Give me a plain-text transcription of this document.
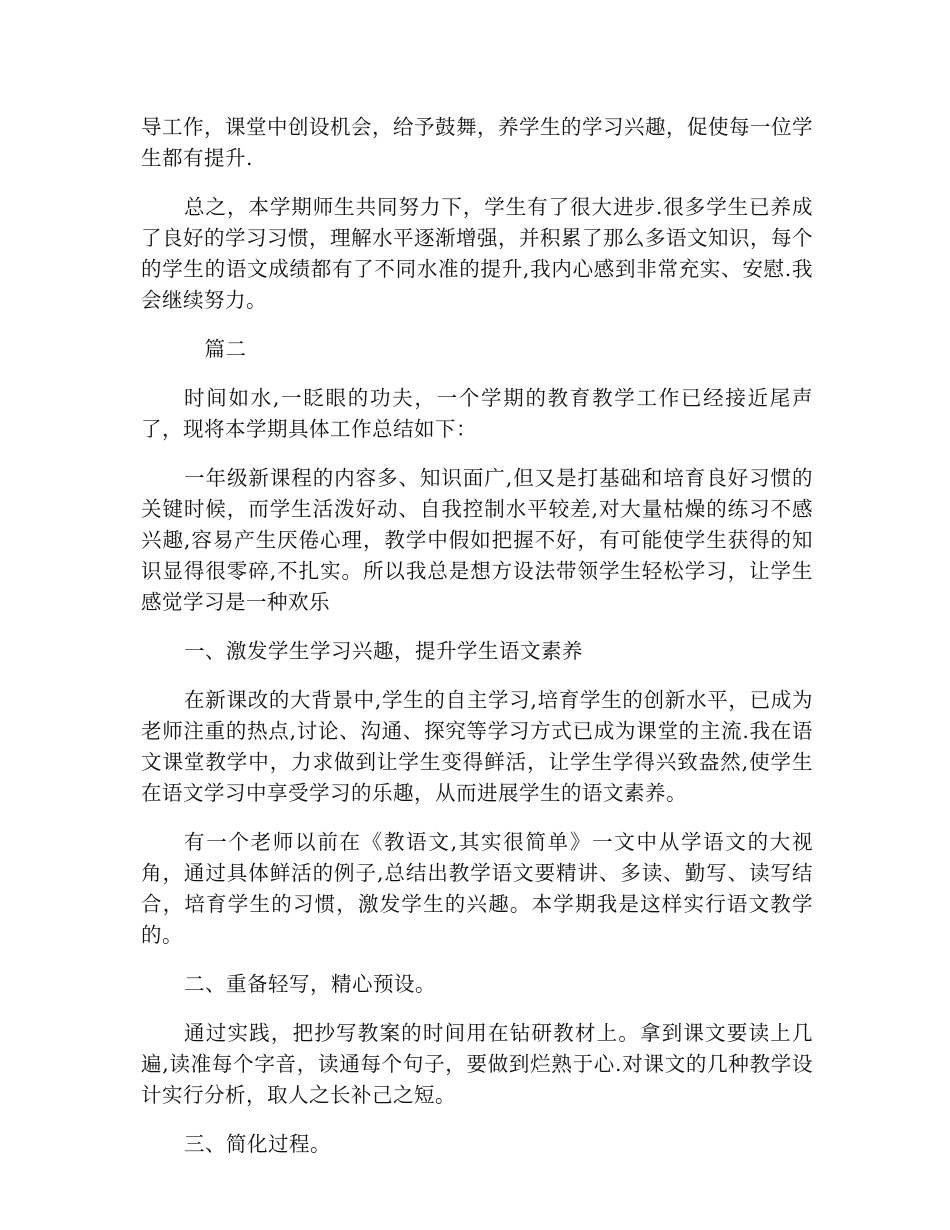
导工作，课堂中创设机会，给予鼓舞，养学生的学习兴趣，促使每一位学生都有提升.

总之，本学期师生共同努力下，学生有了很大进步.很多学生已养成了良好的学习习惯，理解水平逐渐增强，并积累了那么多语文知识，每个的学生的语文成绩都有了不同水准的提升,我内心感到非常充实、安慰.我会继续努力。

篇二

时间如水,一眨眼的功夫，一个学期的教育教学工作已经接近尾声了，现将本学期具体工作总结如下：

一年级新课程的内容多、知识面广,但又是打基础和培育良好习惯的关键时候，而学生活泼好动、自我控制水平较差,对大量枯燥的练习不感兴趣,容易产生厌倦心理，教学中假如把握不好，有可能使学生获得的知识显得很零碎,不扎实。所以我总是想方设法带领学生轻松学习，让学生感觉学习是一种欢乐

一、激发学生学习兴趣，提升学生语文素养

在新课改的大背景中,学生的自主学习,培育学生的创新水平，已成为老师注重的热点,讨论、沟通、探究等学习方式已成为课堂的主流.我在语文课堂教学中，力求做到让学生变得鲜活，让学生学得兴致盎然,使学生在语文学习中享受学习的乐趣，从而进展学生的语文素养。

有一个老师以前在《教语文,其实很简单》一文中从学语文的大视角，通过具体鲜活的例子,总结出教学语文要精讲、多读、勤写、读写结合，培育学生的习惯，激发学生的兴趣。本学期我是这样实行语文教学的。

二、重备轻写，精心预设。

通过实践，把抄写教案的时间用在钻研教材上。拿到课文要读上几遍,读准每个字音，读通每个句子，要做到烂熟于心.对课文的几种教学设计实行分析，取人之长补己之短。

三、简化过程。
